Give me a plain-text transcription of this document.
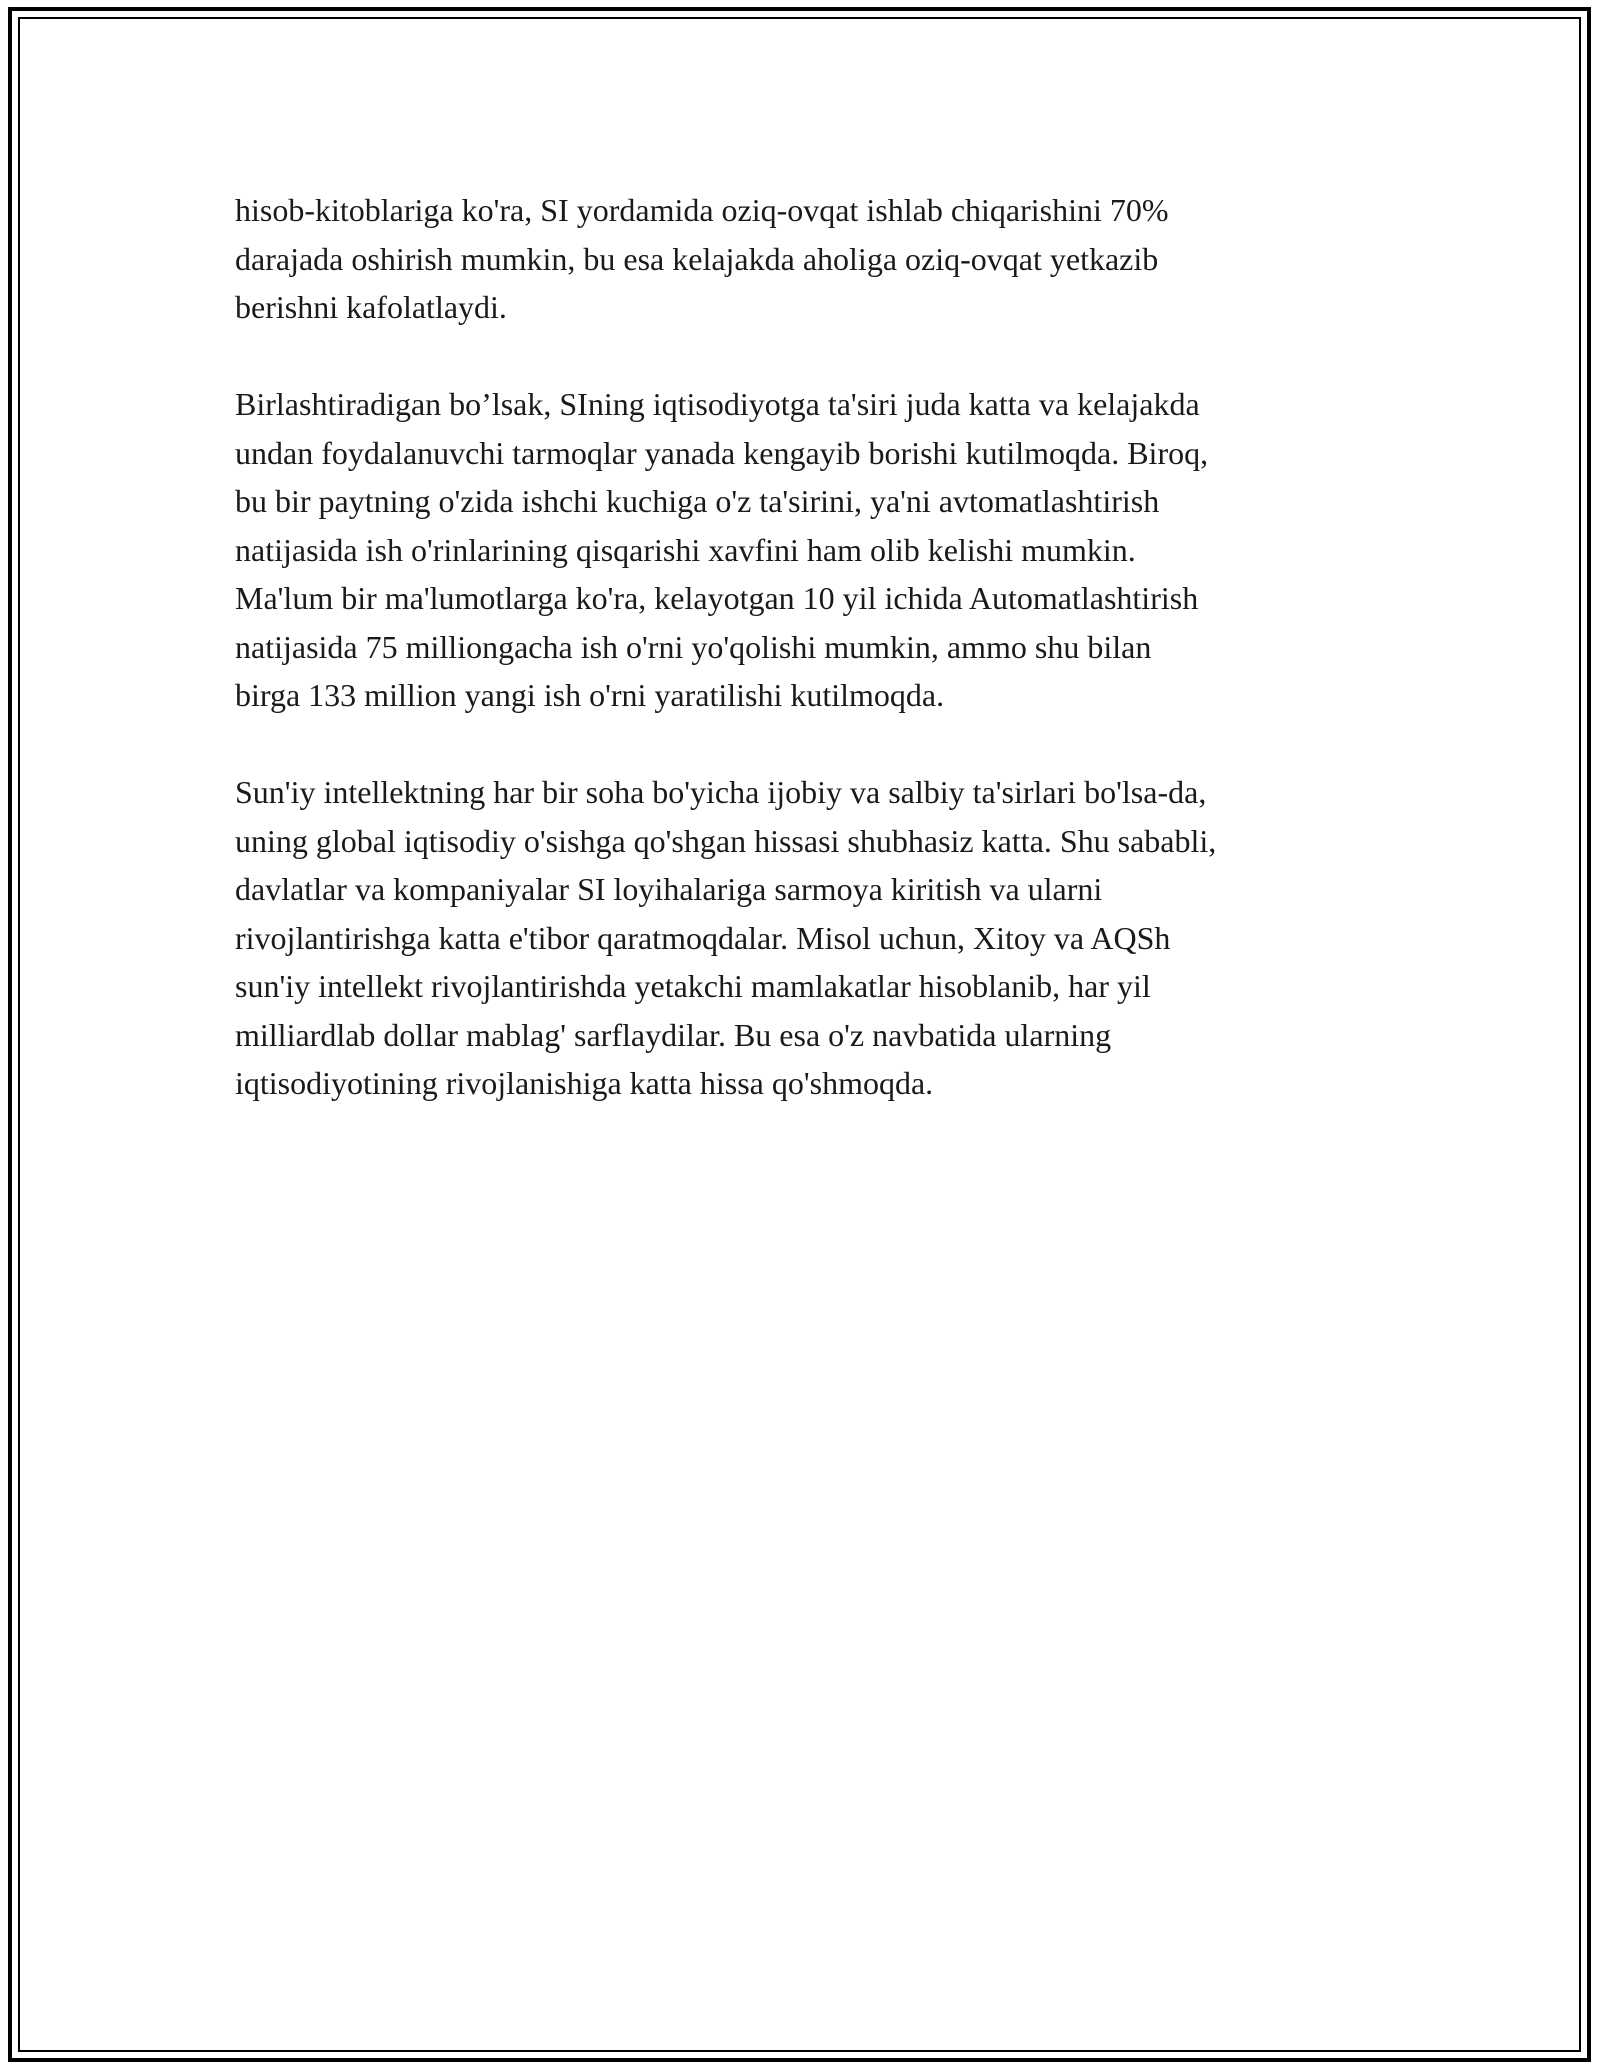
hisob-kitoblariga ko'ra, SI yordamida oziq-ovqat ishlab chiqarishini 70%
darajada oshirish mumkin, bu esa kelajakda aholiga oziq-ovqat yetkazib
berishni kafolatlaydi.

Birlashtiradigan bo’lsak, SIning iqtisodiyotga ta'siri juda katta va kelajakda
undan foydalanuvchi tarmoqlar yanada kengayib borishi kutilmoqda. Biroq,
bu bir paytning o'zida ishchi kuchiga o'z ta'sirini, ya'ni avtomatlashtirish
natijasida ish o'rinlarining qisqarishi xavfini ham olib kelishi mumkin.
Ma'lum bir ma'lumotlarga ko'ra, kelayotgan 10 yil ichida Automatlashtirish
natijasida 75 milliongacha ish o'rni yo'qolishi mumkin, ammo shu bilan
birga 133 million yangi ish o'rni yaratilishi kutilmoqda.

Sun'iy intellektning har bir soha bo'yicha ijobiy va salbiy ta'sirlari bo'lsa-da,
uning global iqtisodiy o'sishga qo'shgan hissasi shubhasiz katta. Shu sababli,
davlatlar va kompaniyalar SI loyihalariga sarmoya kiritish va ularni
rivojlantirishga katta e'tibor qaratmoqdalar. Misol uchun, Xitoy va AQSh
sun'iy intellekt rivojlantirishda yetakchi mamlakatlar hisoblanib, har yil
milliardlab dollar mablag' sarflaydilar. Bu esa o'z navbatida ularning
iqtisodiyotining rivojlanishiga katta hissa qo'shmoqda.
